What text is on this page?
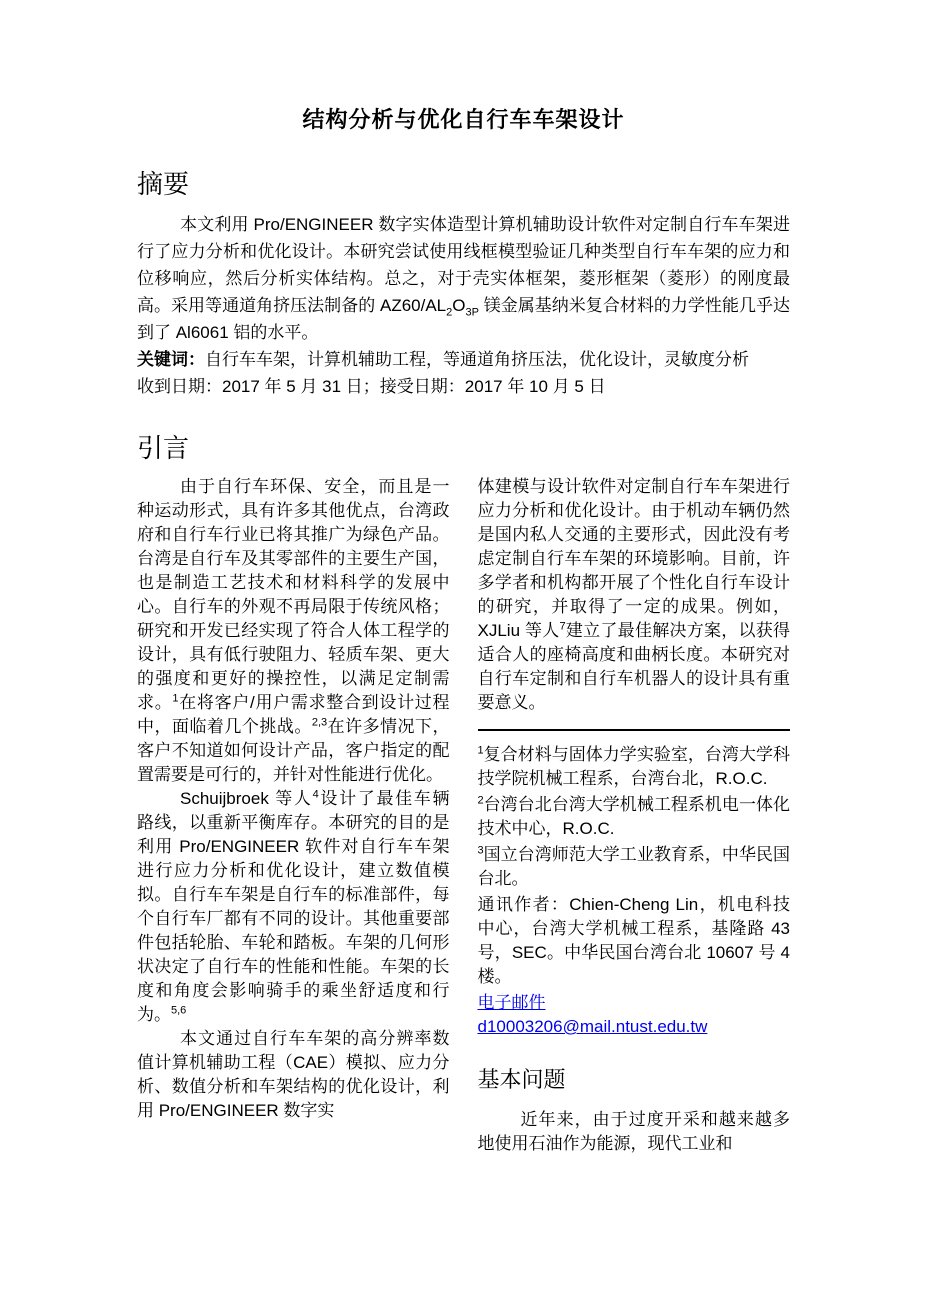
结构分析与优化自行车车架设计
摘要

本文利用 Pro/ENGINEER 数字实体造型计算机辅助设计软件对定制自行车车架进行了应力分析和优化设计。本研究尝试使用线框模型验证几种类型自行车车架的应力和位移响应，然后分析实体结构。总之，对于壳实体框架，菱形框架（菱形）的刚度最高。采用等通道角挤压法制备的 $AZ60/AL_2O_{3P}$ 镁金属基纳米复合材料的力学性能几乎达到了 Al6061 铝的水平。

关键词：自行车车架，计算机辅助工程，等通道角挤压法，优化设计，灵敏度分析

收到日期：2017 年 5 月 31 日；接受日期：2017 年 10 月 5 日

引言

由于自行车环保、安全，而且是一种运动形式，具有许多其他优点，台湾政府和自行车行业已将其推广为绿色产品。台湾是自行车及其零部件的主要生产国，也是制造工艺技术和材料科学的发展中心。自行车的外观不再局限于传统风格；研究和开发已经实现了符合人体工程学的设计，具有低行驶阻力、轻质车架、更大的强度和更好的操控性，以满足定制需求。$^1$在将客户/用户需求整合到设计过程中，面临着几个挑战。$^{2,3}$在许多情况下，客户不知道如何设计产品，客户指定的配置需要是可行的，并针对性能进行优化。

Schuijbroek 等人$^4$设计了最佳车辆路线，以重新平衡库存。本研究的目的是利用 Pro/ENGINEER 软件对自行车车架进行应力分析和优化设计，建立数值模拟。自行车车架是自行车的标准部件，每个自行车厂都有不同的设计。其他重要部件包括轮胎、车轮和踏板。车架的几何形状决定了自行车的性能和性能。车架的长度和角度会影响骑手的乘坐舒适度和行为。$^{5,6}$

本文通过自行车车架的高分辨率数值计算机辅助工程（CAE）模拟、应力分析、数值分析和车架结构的优化设计，利用 Pro/ENGINEER 数字实

体建模与设计软件对定制自行车车架进行应力分析和优化设计。由于机动车辆仍然是国内私人交通的主要形式，因此没有考虑定制自行车车架的环境影响。目前，许多学者和机构都开展了个性化自行车设计的研究，并取得了一定的成果。例如，XJLiu 等人$^7$建立了最佳解决方案，以获得适合人的座椅高度和曲柄长度。本研究对自行车定制和自行车机器人的设计具有重要意义。

$^1$复合材料与固体力学实验室，台湾大学科技学院机械工程系，台湾台北，R.O.C.

$^2$台湾台北台湾大学机械工程系机电一体化技术中心，R.O.C.

$^3$国立台湾师范大学工业教育系，中华民国台北。

通讯作者：Chien-Cheng Lin，机电科技中心，台湾大学机械工程系，基隆路 43 号，SEC。中华民国台湾台北 10607 号 4 楼。

电子邮件

d10003206@mail.ntust.edu.tw

基本问题

近年来，由于过度开采和越来越多地使用石油作为能源，现代工业和
